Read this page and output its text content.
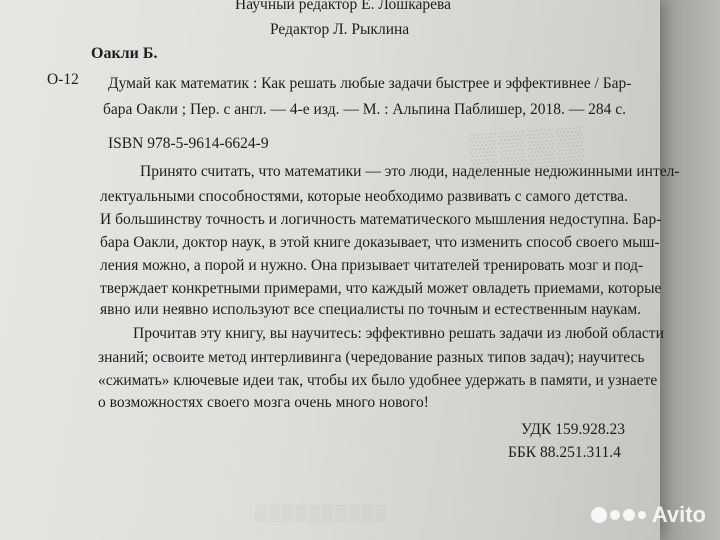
▒▒▒▒
Научный редактор Е. Лошкарева
Редактор Л. Рыклина
Оакли Б.
О-12 Думай как математик : Как решать любые задачи быстрее и эффективнее / Бар-
бара Оакли ; Пер. с англ. — 4-е изд. — М. : Альпина Паблишер, 2018. — 284 с.
ISBN 978-5-9614-6624-9
Принято считать, что математики — это люди, наделенные недюжинными интел-
лектуальными способностями, которые необходимо развивать с самого детства.
И большинству точность и логичность математического мышления недоступна. Бар-
бара Оакли, доктор наук, в этой книге доказывает, что изменить способ своего мыш-
ления можно, а порой и нужно. Она призывает читателей тренировать мозг и под-
тверждает конкретными примерами, что каждый может овладеть приемами, которые
явно или неявно используют все специалисты по точным и естественным наукам.
Прочитав эту книгу, вы научитесь: эффективно решать задачи из любой области
знаний; освоите метод интерливинга (чередование разных типов задач); научитесь
«сжимать» ключевые идеи так, чтобы их было удобнее удержать в памяти, и узнаете
о возможностях своего мозга очень много нового!
УДК 159.928.23
ББК 88.251.311.4
▒▒▒▒▒▒▒▒▒▒	Avito
